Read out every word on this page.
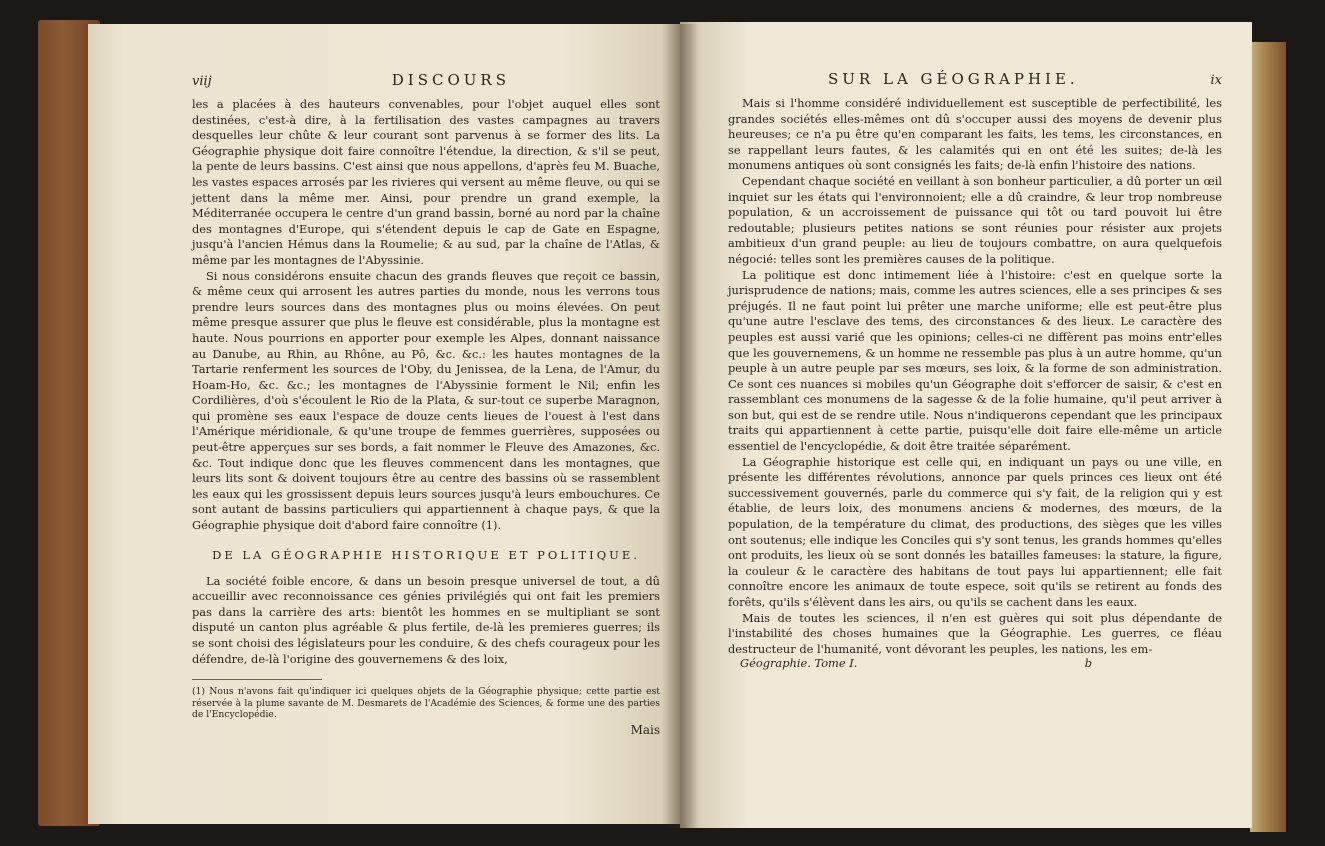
viij	DISCOURS

les a placées à des hauteurs convenables, pour l'objet auquel elles sont destinées, c'est-à dire, à la fertilisation des vastes campagnes au travers desquelles leur chûte & leur courant sont parvenus à se former des lits. La Géographie physique doit faire connoître l'étendue, la direction, & s'il se peut, la pente de leurs bassins. C'est ainsi que nous appellons, d'après feu M. Buache, les vastes espaces arrosés par les rivieres qui versent au même fleuve, ou qui se jettent dans la même mer. Ainsi, pour prendre un grand exemple, la Méditerranée occupera le centre d'un grand bassin, borné au nord par la chaîne des montagnes d'Europe, qui s'étendent depuis le cap de Gate en Espagne, jusqu'à l'ancien Hémus dans la Roumelie; & au sud, par la chaîne de l'Atlas, & même par les montagnes de l'Abyssinie.

Si nous considérons ensuite chacun des grands fleuves que reçoit ce bassin, & même ceux qui arrosent les autres parties du monde, nous les verrons tous prendre leurs sources dans des montagnes plus ou moins élevées. On peut même presque assurer que plus le fleuve est considérable, plus la montagne est haute. Nous pourrions en apporter pour exemple les Alpes, donnant naissance au Danube, au Rhin, au Rhône, au Pô, &c. &c.: les hautes montagnes de la Tartarie renferment les sources de l'Oby, du Jenissea, de la Lena, de l'Amur, du Hoam-Ho, &c. &c.; les montagnes de l'Abyssinie forment le Nil; enfin les Cordilières, d'où s'écoulent le Rio de la Plata, & sur-tout ce superbe Maragnon, qui promène ses eaux l'espace de douze cents lieues de l'ouest à l'est dans l'Amérique méridionale, & qu'une troupe de femmes guerrières, supposées ou peut-être apperçues sur ses bords, a fait nommer le Fleuve des Amazones, &c. &c. Tout indique donc que les fleuves commencent dans les montagnes, que leurs lits sont & doivent toujours être au centre des bassins où se rassemblent les eaux qui les grossissent depuis leurs sources jusqu'à leurs embouchures. Ce sont autant de bassins particuliers qui appartiennent à chaque pays, & que la Géographie physique doit d'abord faire connoître (1).

DE LA GÉOGRAPHIE HISTORIQUE ET POLITIQUE.

La société foible encore, & dans un besoin presque universel de tout, a dû accueillir avec reconnoissance ces génies privilégiés qui ont fait les premiers pas dans la carrière des arts: bientôt les hommes en se multipliant se sont disputé un canton plus agréable & plus fertile, de-là les premieres guerres; ils se sont choisi des législateurs pour les conduire, & des chefs courageux pour les défendre, de-là l'origine des gouvernemens & des loix,

(1) Nous n'avons fait qu'indiquer ici quelques objets de la Géographie physique; cette partie est réservée à la plume savante de M. Desmarets de l'Académie des Sciences, & forme une des parties de l'Encyclopédie.

Mais
SUR LA GÉOGRAPHIE.	ix

Mais si l'homme considéré individuellement est susceptible de perfectibilité, les grandes sociétés elles-mêmes ont dû s'occuper aussi des moyens de devenir plus heureuses; ce n'a pu être qu'en comparant les faits, les tems, les circonstances, en se rappellant leurs fautes, & les calamités qui en ont été les suites; de-là les monumens antiques où sont consignés les faits; de-là enfin l'histoire des nations.

Cependant chaque société en veillant à son bonheur particulier, a dû porter un œil inquiet sur les états qui l'environnoient; elle a dû craindre, & leur trop nombreuse population, & un accroissement de puissance qui tôt ou tard pouvoit lui être redoutable; plusieurs petites nations se sont réunies pour résister aux projets ambitieux d'un grand peuple: au lieu de toujours combattre, on aura quelquefois négocié: telles sont les premières causes de la politique.

La politique est donc intimement liée à l'histoire: c'est en quelque sorte la jurisprudence de nations; mais, comme les autres sciences, elle a ses principes & ses préjugés. Il ne faut point lui prêter une marche uniforme; elle est peut-être plus qu'une autre l'esclave des tems, des circonstances & des lieux. Le caractère des peuples est aussi varié que les opinions; celles-ci ne diffèrent pas moins entr'elles que les gouvernemens, & un homme ne ressemble pas plus à un autre homme, qu'un peuple à un autre peuple par ses mœurs, ses loix, & la forme de son administration. Ce sont ces nuances si mobiles qu'un Géographe doit s'efforcer de saisir, & c'est en rassemblant ces monumens de la sagesse & de la folie humaine, qu'il peut arriver à son but, qui est de se rendre utile. Nous n'indiquerons cependant que les principaux traits qui appartiennent à cette partie, puisqu'elle doit faire elle-même un article essentiel de l'encyclopédie, & doit être traitée séparément.

La Géographie historique est celle qui, en indiquant un pays ou une ville, en présente les différentes révolutions, annonce par quels princes ces lieux ont été successivement gouvernés, parle du commerce qui s'y fait, de la religion qui y est établie, de leurs loix, des monumens anciens & modernes, des mœurs, de la population, de la température du climat, des productions, des sièges que les villes ont soutenus; elle indique les Conciles qui s'y sont tenus, les grands hommes qu'elles ont produits, les lieux où se sont donnés les batailles fameuses: la stature, la figure, la couleur & le caractère des habitans de tout pays lui appartiennent; elle fait connoître encore les animaux de toute espece, soit qu'ils se retirent au fonds des forêts, qu'ils s'élèvent dans les airs, ou qu'ils se cachent dans les eaux.

Mais de toutes les sciences, il n'en est guères qui soit plus dépendante de l'instabilité des choses humaines que la Géographie. Les guerres, ce fléau destructeur de l'humanité, vont dévorant les peuples, les nations, les em-

Géographie. Tome I.	b
